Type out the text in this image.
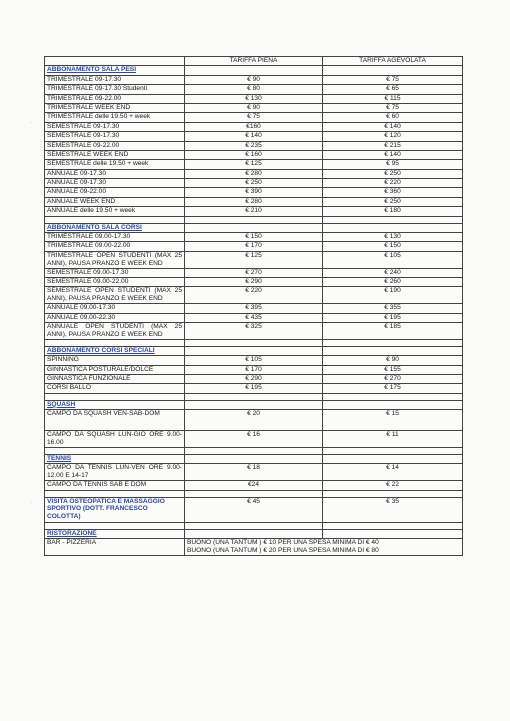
	TARIFFA PIENA	TARIFFA AGEVOLATA
ABBONAMENTO SALA PESI		
TRIMESTRALE 09-17.30	€ 90	€ 75
TRIMESTRALE 09-17.30 Studenti	€ 80	€ 65
TRIMESTRALE 09-22.00	€ 130	€ 115
TRIMESTRALE WEEK END	€ 90	€ 75
TRIMESTRALE delle 19.50 + week	€ 75	€ 60
SEMESTRALE 09-17.30	€160	€ 140
SEMESTRALE 09-17.30	€ 140	€ 120
SEMESTRALE 09-22.00	€ 235	€ 215
SEMESTRALE WEEK END	€ 160	€ 140
SEMESTRALE delle 19.50 + week	€ 125	€ 95
ANNUALE 09-17.30	€ 280	€ 250
ANNUALE 09-17.30	€ 250	€ 220
ANNUALE 09-22.00	€ 390	€ 360
ANNUALE WEEK END	€ 280	€ 250
ANNUALE delle 19.50 + week	€ 210	€ 180

ABBONAMENTO SALA CORSI		
TRIMESTRALE 09.00-17.30	€ 150	€ 130
TRIMESTRALE 09.00-22.00	€ 170	€ 150
TRIMESTRALE OPEN STUDENTI (MAX 25 ANNI), PAUSA PRANZO E WEEK END	€ 125	€ 105
SEMESTRALE 09.00-17.30	€ 270	€ 240
SEMESTRALE 09.00-22.00	€ 290	€ 260
SEMESTRALE OPEN STUDENTI (MAX 25 ANNI), PAUSA PRANZO E WEEK END	€ 220	€ 190
ANNUALE 09.00-17.30	€ 395	€ 355
ANNUALE 09.00-22.30	€ 435	€ 195
ANNUALE OPEN STUDENTI (MAX 25 ANNI), PAUSA PRANZO E WEEK END	€ 325	€ 185

ABBONAMENTO CORSI SPECIALI		
SPINNING	€ 105	€ 90
GINNASTICA POSTURALE/DOLCE	€ 170	€ 155
GINNASTICA FUNZIONALE	€ 290	€ 270
CORSI BALLO	€ 195	€ 175

SQUASH		
CAMPO DA SQUASH VEN-SAB-DOM	€ 20	€ 15
CAMPO DA SQUASH LUN-GIO ORE 9.00-16.00	€ 16	€ 11

TENNIS		
CAMPO DA TENNIS LUN-VEN ORE 9.00-12.00 E 14-17	€ 18	€ 14
CAMPO DA TENNIS SAB E DOM	€24	€ 22

VISITA OSTEOPATICA E MASSAGGIO SPORTIVO (DOTT. FRANCESCO COLOTTA)	€ 45	€ 35

RISTORAZIONE		
BAR - PIZZERIA	BUONO (UNA TANTUM ) € 10 PER UNA SPESA MINIMA DI € 40
BUONO (UNA TANTUM ) € 20 PER UNA SPESA MINIMA DI € 80	
·
·
